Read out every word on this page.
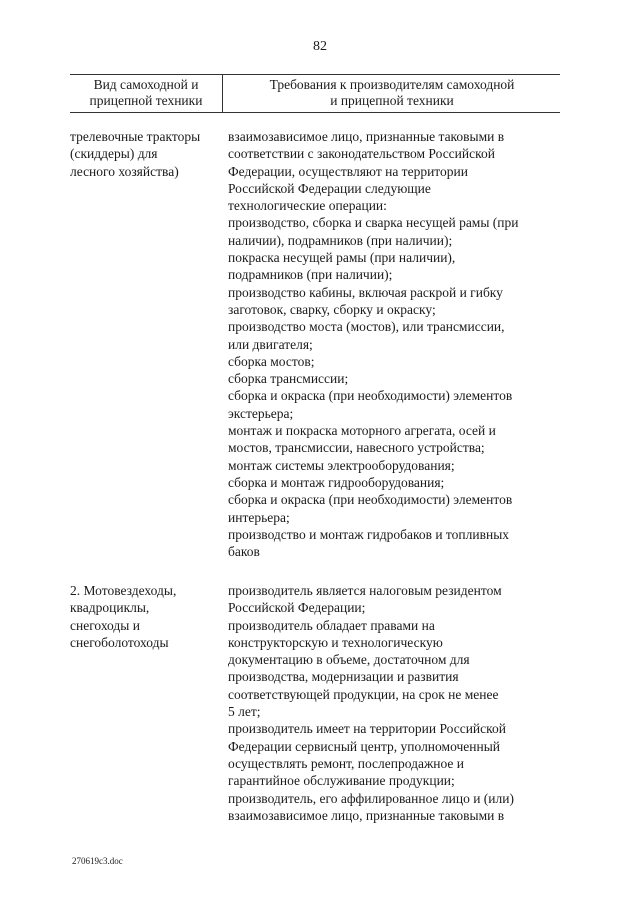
82
Вид самоходной и
прицепной техники
Требования к производителям самоходной
и прицепной техники
трелевочные тракторы
(скиддеры) для
лесного хозяйства)
взаимозависимое лицо, признанные таковыми в
соответствии с законодательством Российской
Федерации, осуществляют на территории
Российской Федерации следующие
технологические операции:
производство, сборка и сварка несущей рамы (при
наличии), подрамников (при наличии);
покраска несущей рамы (при наличии),
подрамников (при наличии);
производство кабины, включая раскрой и гибку
заготовок, сварку, сборку и окраску;
производство моста (мостов), или трансмиссии,
или двигателя;
сборка мостов;
сборка трансмиссии;
сборка и окраска (при необходимости) элементов
экстерьера;
монтаж и покраска моторного агрегата, осей и
мостов, трансмиссии, навесного устройства;
монтаж системы электрооборудования;
сборка и монтаж гидрооборудования;
сборка и окраска (при необходимости) элементов
интерьера;
производство и монтаж гидробаков и топливных
баков
2. Мотовездеходы,
квадроциклы,
снегоходы и
снегоболотоходы
производитель является налоговым резидентом
Российской Федерации;
производитель обладает правами на
конструкторскую и технологическую
документацию в объеме, достаточном для
производства, модернизации и развития
соответствующей продукции, на срок не менее
5 лет;
производитель имеет на территории Российской
Федерации сервисный центр, уполномоченный
осуществлять ремонт, послепродажное и
гарантийное обслуживание продукции;
производитель, его аффилированное лицо и (или)
взаимозависимое лицо, признанные таковыми в
270619c3.doc
